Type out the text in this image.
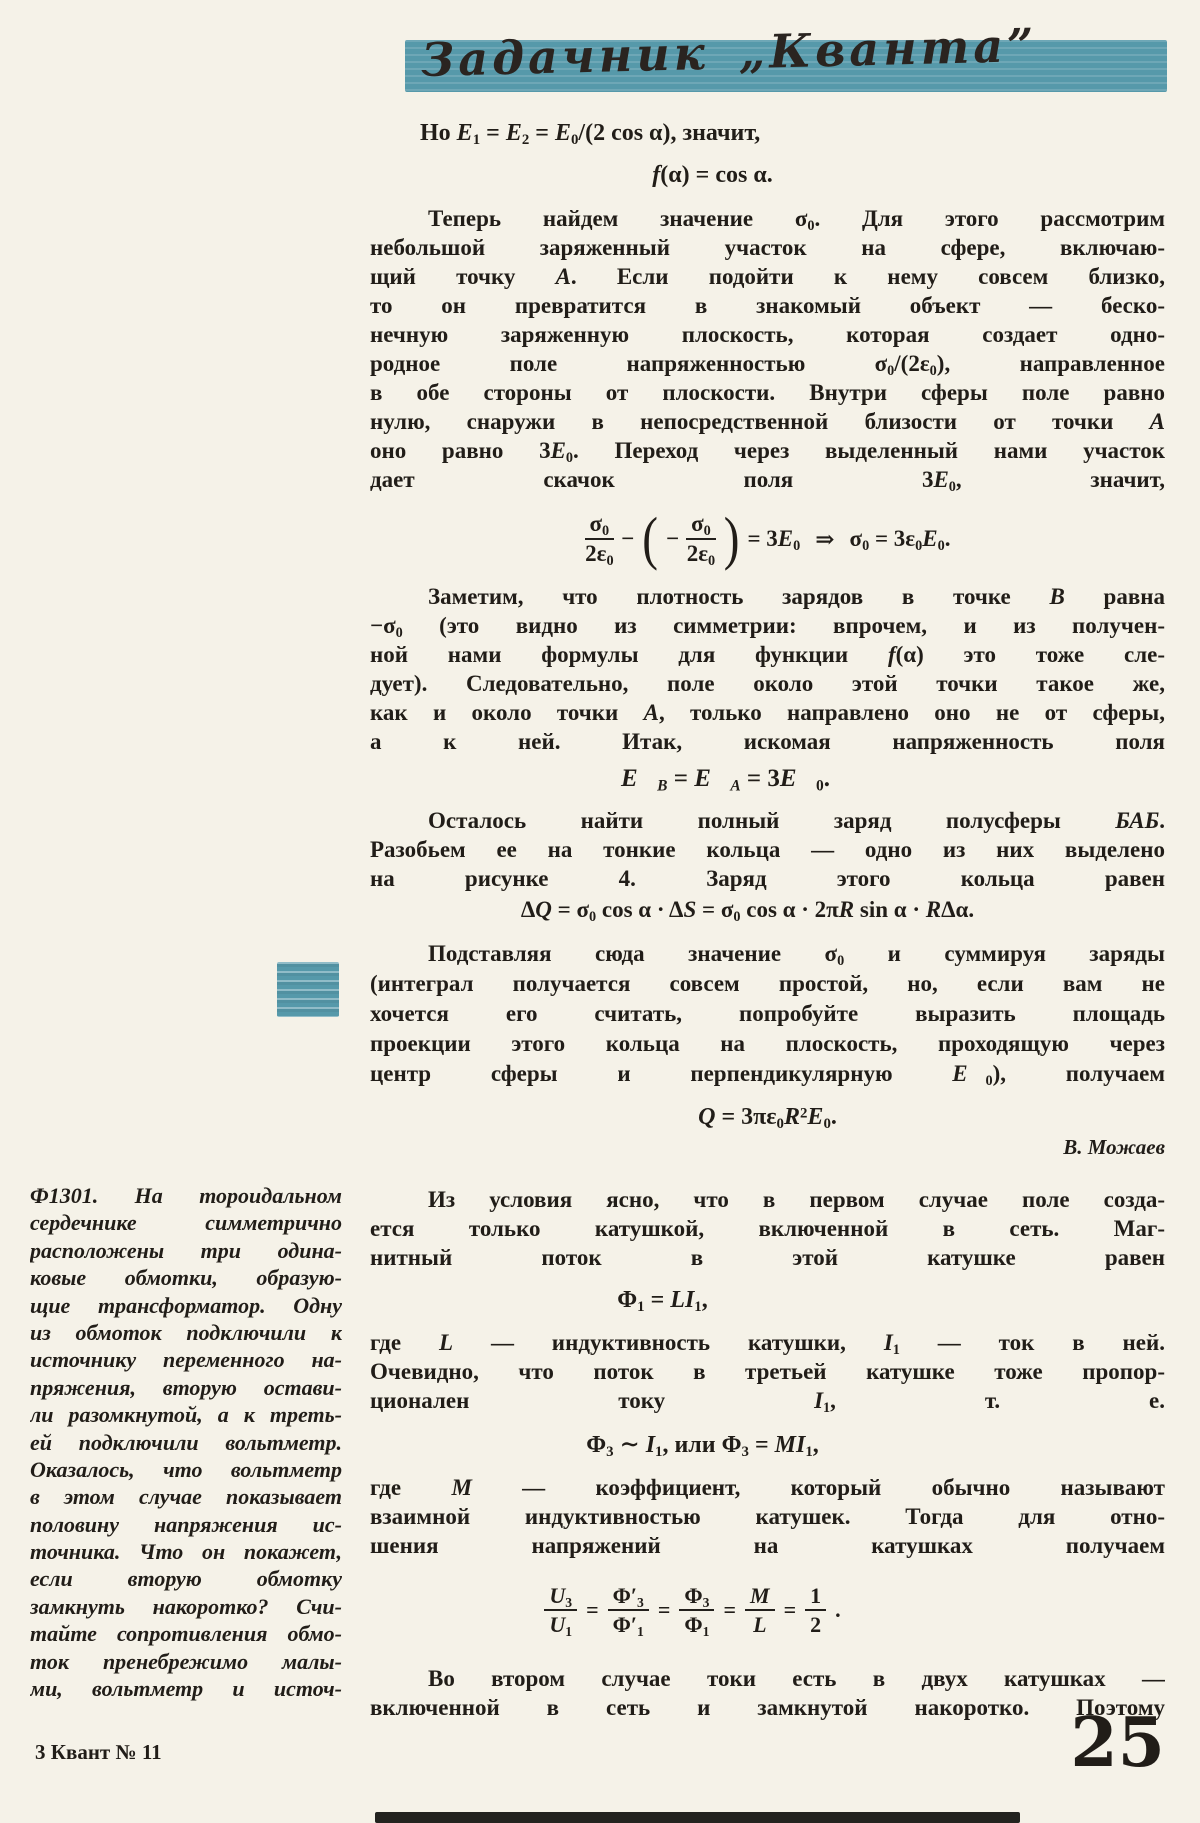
Задачник „Кванта”
Но $E_1 = E_2 = E_0/(2$ cos α), значит,
f(α) = cos α.
Теперь найдем значение $\sigma_0$. Для этого рассмотрим
небольшой заряженный участок на сфере, включаю-
щий точку A. Если подойти к нему совсем близко,
то он превратится в знакомый объект — беско-
нечную заряженную плоскость, которая создает одно-
родное поле напряженностью $\sigma_0/(2\varepsilon_0)$, направленное
в обе стороны от плоскости. Внутри сферы поле равно
нулю, снаружи в непосредственной близости от точки A
оно равно $3E_0$. Переход через выделенный нами участок
дает скачок поля $3E_0$, значит,
$\frac{\sigma_0}{2\varepsilon_0}$ − ( − $\frac{\sigma_0}{2\varepsilon_0}$ ) = $3E_0$ ⇒ $\sigma_0 = 3\varepsilon_0E_0$.
Заметим, что плотность зарядов в точке B равна
$-\sigma_0$ (это видно из симметрии: впрочем, и из получен-
ной нами формулы для функции f(α) это тоже сле-
дует). Следовательно, поле около этой точки такое же,
как и около точки A, только направлено оно не от сферы,
а к ней. Итак, искомая напряженность поля
$E⃗_B$ = $E⃗_A$ = $3E⃗_0$.
Осталось найти полный заряд полусферы БАБ.
Разобьем ее на тонкие кольца — одно из них выделено
на рисунке 4. Заряд этого кольца равен
$\Delta Q = \sigma_0$ $\cos \alpha \cdot \Delta S = \sigma_0$ cos α · 2πR sin α · RΔα.
Подставляя сюда значение $\sigma_0$ и суммируя заряды
(интеграл получается совсем простой, но, если вам не
хочется его считать, попробуйте выразить площадь
проекции этого кольца на плоскость, проходящую через
центр сферы и перпендикулярную $E⃗_0$), получаем
$Q = 3\pi\varepsilon_0R^2E_0$.
В. Можаев
Из условия ясно, что в первом случае поле созда-
ется только катушкой, включенной в сеть. Маг-
нитный поток в этой катушке равен
$\Phi_1 = LI_1$,
где L — индуктивность катушки, $I_1$ — ток в ней.
Очевидно, что поток в третьей катушке тоже пропор-
ционален току $I_1$, т. е.
$\Phi_3$ ∼ $I_1$, или $\Phi_3 = MI_1$,
где M — коэффициент, который обычно называют
взаимной индуктивностью катушек. Тогда для отно-
шения напряжений на катушках получаем
$\frac{U_3}{U_1} = \frac{\Phi'_3}{\Phi'_1} = \frac{\Phi_3}{\Phi_1} = \frac{M}{L} = \frac{1}{2}$ .
Во втором случае токи есть в двух катушках —
включенной в сеть и замкнутой накоротко. Поэтому
Ф1301. На тороидальном
сердечнике симметрично
расположены три одина-
ковые обмотки, образую-
щие трансформатор. Одну
из обмоток подключили к
источнику переменного на-
пряжения, вторую остави-
ли разомкнутой, а к треть-
ей подключили вольтметр.
Оказалось, что вольтметр
в этом случае показывает
половину напряжения ис-
точника. Что он покажет,
если вторую обмотку
замкнуть накоротко? Счи-
тайте сопротивления обмо-
ток пренебрежимо малы-
ми, вольтметр и источ-
3 Квант № 11	25
